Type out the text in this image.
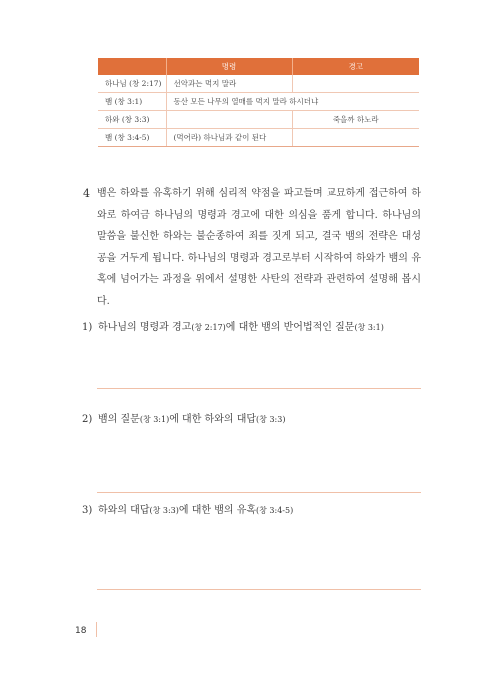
	명령	경고
하나님 (창 2:17)	선악과는 먹지 말라	
뱀 (창 3:1)	동산 모든 나무의 열매를 먹지 말라 하시더냐	
하와 (창 3:3)		죽을까 하노라
뱀 (창 3:4-5)	(먹어라) 하나님과 같이 된다	
4 뱀은 하와를 유혹하기 위해 심리적 약점을 파고들며 교묘하게 접근하여 하와로 하여금 하나님의 명령과 경고에 대한 의심을 품게 합니다. 하나님의 말씀을 불신한 하와는 불순종하여 죄를 짓게 되고, 결국 뱀의 전략은 대성공을 거두게 됩니다. 하나님의 명령과 경고로부터 시작하여 하와가 뱀의 유혹에 넘어가는 과정을 위에서 설명한 사탄의 전략과 관련하여 설명해 봅시다.
1) 하나님의 명령과 경고(창 2:17)에 대한 뱀의 반어법적인 질문(창 3:1)
2) 뱀의 질문(창 3:1)에 대한 하와의 대답(창 3:3)
3) 하와의 대답(창 3:3)에 대한 뱀의 유혹(창 3:4-5)
18
